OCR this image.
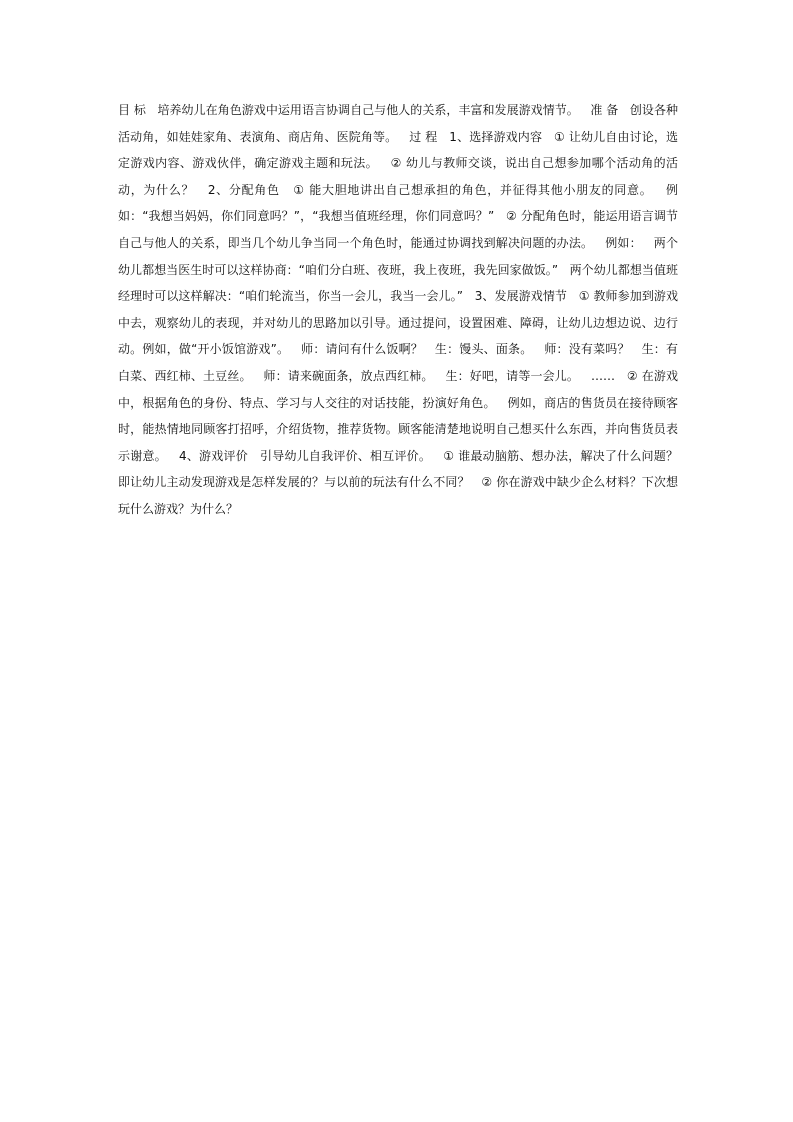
目 标   培养幼儿在角色游戏中运用语言协调自己与他人的关系，丰富和发展游戏情节。   准 备   创设各种活动角，如娃娃家角、表演角、商店角、医院角等。   过 程   1、选择游戏内容   ① 让幼儿自由讨论，选定游戏内容、游戏伙伴，确定游戏主题和玩法。   ② 幼儿与教师交谈，说出自己想参加哪个活动角的活动，为什么？   2、分配角色   ① 能大胆地讲出自己想承担的角色，并征得其他小朋友的同意。   例如：“我想当妈妈，你们同意吗？”，“我想当值班经理，你们同意吗？”   ② 分配角色时，能运用语言调节自己与他人的关系，即当几个幼儿争当同一个角色时，能通过协调找到解决问题的办法。   例如：   两个幼儿都想当医生时可以这样协商：“咱们分白班、夜班，我上夜班，我先回家做饭。”   两个幼儿都想当值班经理时可以这样解决：“咱们轮流当，你当一会儿，我当一会儿。”   3、发展游戏情节   ① 教师参加到游戏中去，观察幼儿的表现，并对幼儿的思路加以引导。通过提问，设置困难、障碍，让幼儿边想边说、边行动。例如，做“开小饭馆游戏”。   师：请问有什么饭啊？   生：馒头、面条。   师：没有菜吗？   生：有白菜、西红柿、土豆丝。   师：请来碗面条，放点西红柿。   生：好吧，请等一会儿。   ……   ② 在游戏中，根据角色的身份、特点、学习与人交往的对话技能，扮演好角色。   例如，商店的售货员在接待顾客时，能热情地同顾客打招呼，介绍货物，推荐货物。顾客能清楚地说明自己想买什么东西，并向售货员表示谢意。   4、游戏评价   引导幼儿自我评价、相互评价。   ① 谁最动脑筋、想办法，解决了什么问题？即让幼儿主动发现游戏是怎样发展的？与以前的玩法有什么不同？   ② 你在游戏中缺少企么材料？下次想玩什么游戏？为什么？
